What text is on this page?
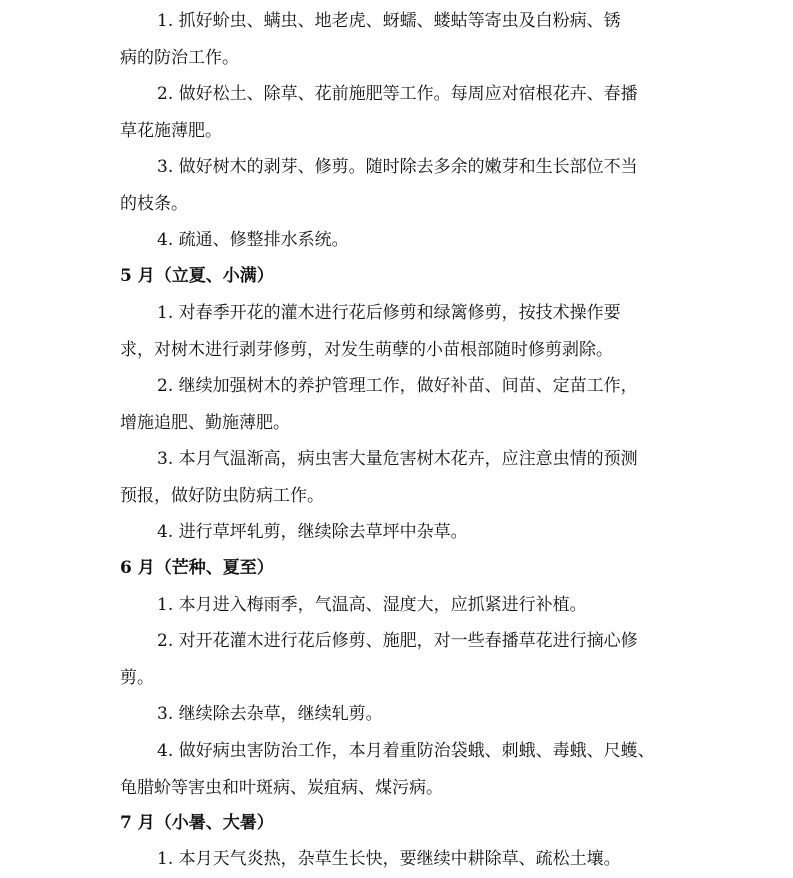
1. 抓好蚧虫、螨虫、地老虎、蚜蠕、蝼蛄等寄虫及白粉病、锈
病的防治工作。
2. 做好松土、除草、花前施肥等工作。每周应对宿根花卉、春播
草花施薄肥。
3. 做好树木的剥芽、修剪。随时除去多余的嫩芽和生长部位不当
的枝条。
4. 疏通、修整排水系统。
5 月（立夏、小满）
1. 对春季开花的灌木进行花后修剪和绿篱修剪，按技术操作要
求，对树木进行剥芽修剪，对发生萌孽的小苗根部随时修剪剥除。
2. 继续加强树木的养护管理工作，做好补苗、间苗、定苗工作，
增施追肥、勤施薄肥。
3. 本月气温渐高，病虫害大量危害树木花卉，应注意虫情的预测
预报，做好防虫防病工作。
4. 进行草坪轧剪，继续除去草坪中杂草。
6 月（芒种、夏至）
1. 本月进入梅雨季，气温高、湿度大，应抓紧进行补植。
2. 对开花灌木进行花后修剪、施肥，对一些春播草花进行摘心修
剪。
3. 继续除去杂草，继续轧剪。
4. 做好病虫害防治工作，本月着重防治袋蛾、刺蛾、毒蛾、尺蠖、
龟腊蚧等害虫和叶斑病、炭疽病、煤污病。
7 月（小暑、大暑）
1. 本月天气炎热，杂草生长快，要继续中耕除草、疏松土壤。
